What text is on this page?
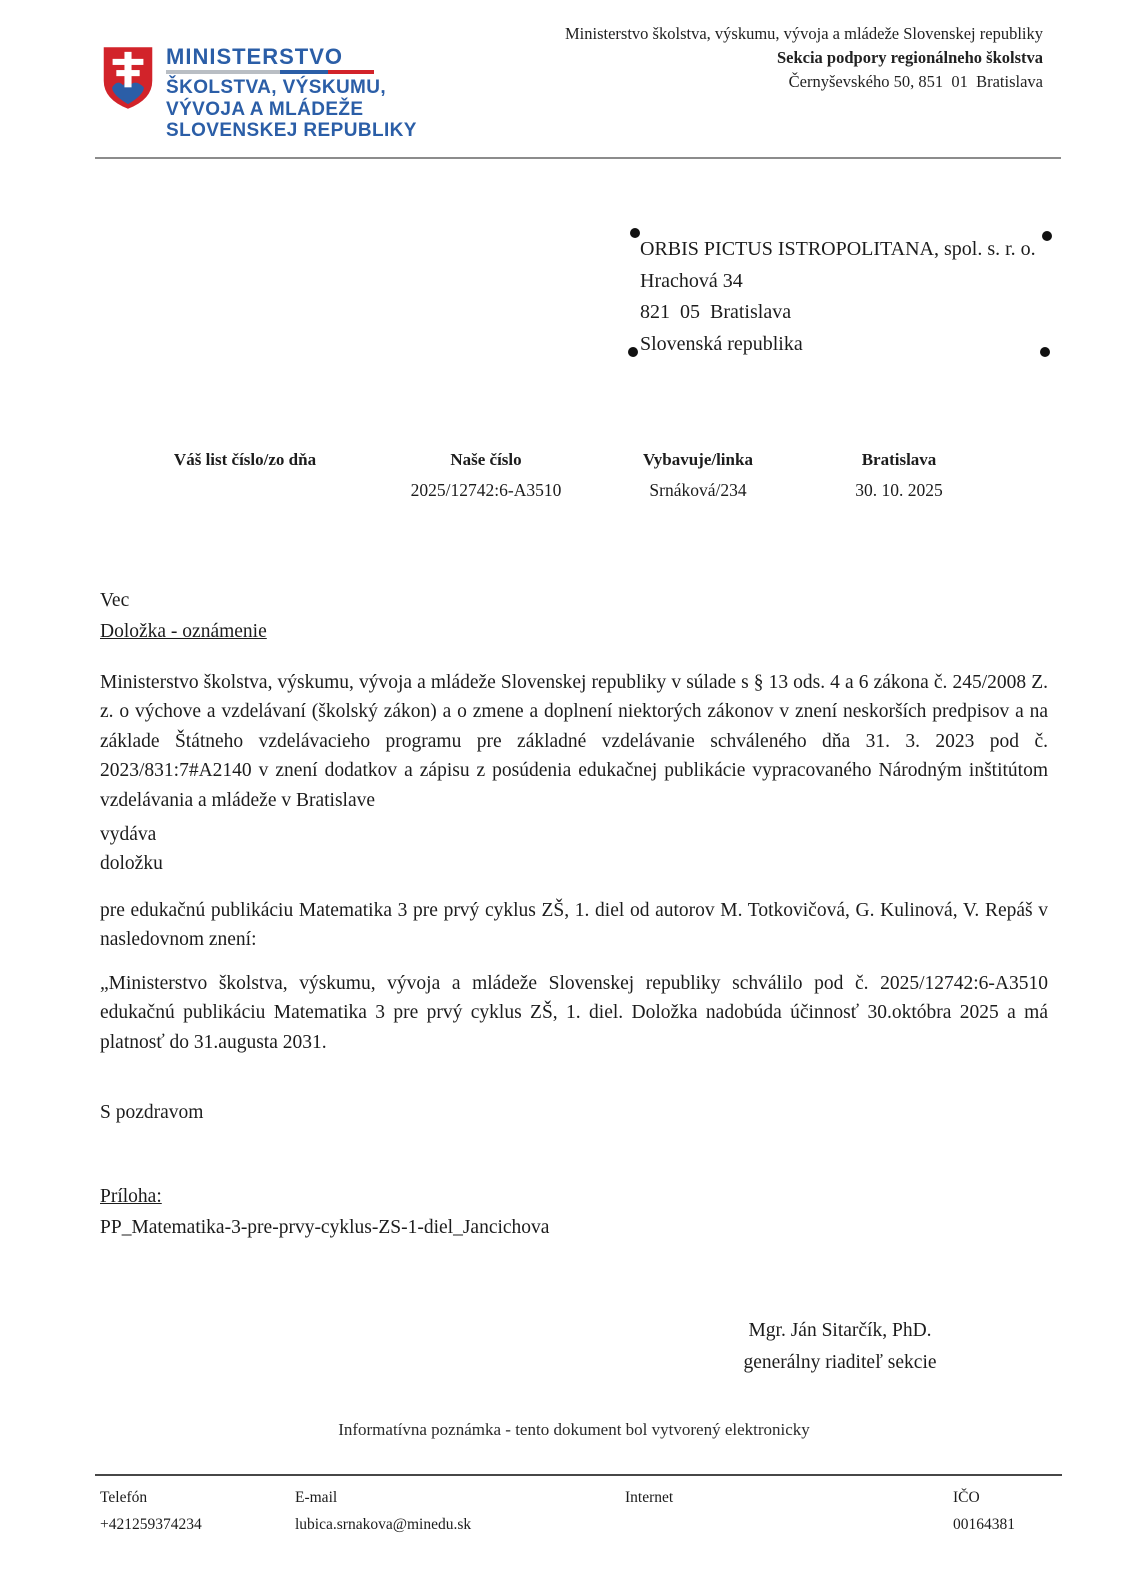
MINISTERSTVO
ŠKOLSTVA, VÝSKUMU,
VÝVOJA A MLÁDEŽE
SLOVENSKEJ REPUBLIKY
Ministerstvo školstva, výskumu, vývoja a mládeže Slovenskej republiky
Sekcia podpory regionálneho školstva
Černyševského 50, 851  01  Bratislava
ORBIS PICTUS ISTROPOLITANA, spol. s. r. o.
Hrachová 34
821  05  Bratislava
Slovenská republika
Váš list číslo/zo dňa	Naše číslo
2025/12742:6-A3510
Vybavuje/linka
Srnáková/234
Bratislava
30. 10. 2025
Vec
Doložka - oznámenie
Ministerstvo školstva, výskumu, vývoja a mládeže Slovenskej republiky v súlade s § 13 ods. 4 a 6 zákona č. 245/2008 Z. z. o výchove a vzdelávaní (školský zákon) a o zmene a doplnení niektorých zákonov v znení neskorších predpisov a na základe Štátneho vzdelávacieho programu pre základné vzdelávanie schváleného dňa 31. 3. 2023 pod č. 2023/831:7#A2140 v znení dodatkov a zápisu z posúdenia edukačnej publikácie vypracovaného Národným inštitútom vzdelávania a mládeže v Bratislave
vydáva
doložku
pre edukačnú publikáciu Matematika 3 pre prvý cyklus ZŠ, 1. diel od autorov M. Totkovičová, G. Kulinová, V. Repáš v nasledovnom znení:
„Ministerstvo školstva, výskumu, vývoja a mládeže Slovenskej republiky schválilo pod č. 2025/12742:6-A3510 edukačnú publikáciu Matematika 3 pre prvý cyklus ZŠ, 1. diel. Doložka nadobúda účinnosť 30.októbra 2025 a má platnosť do 31.augusta 2031.
S pozdravom
Príloha:
PP_Matematika-3-pre-prvy-cyklus-ZS-1-diel_Jancichova
Mgr. Ján Sitarčík, PhD.
generálny riaditeľ sekcie
Informatívna poznámka - tento dokument bol vytvorený elektronicky
Telefón
+421259374234
E-mail
lubica.srnakova@minedu.sk
Internet	IČO
00164381
